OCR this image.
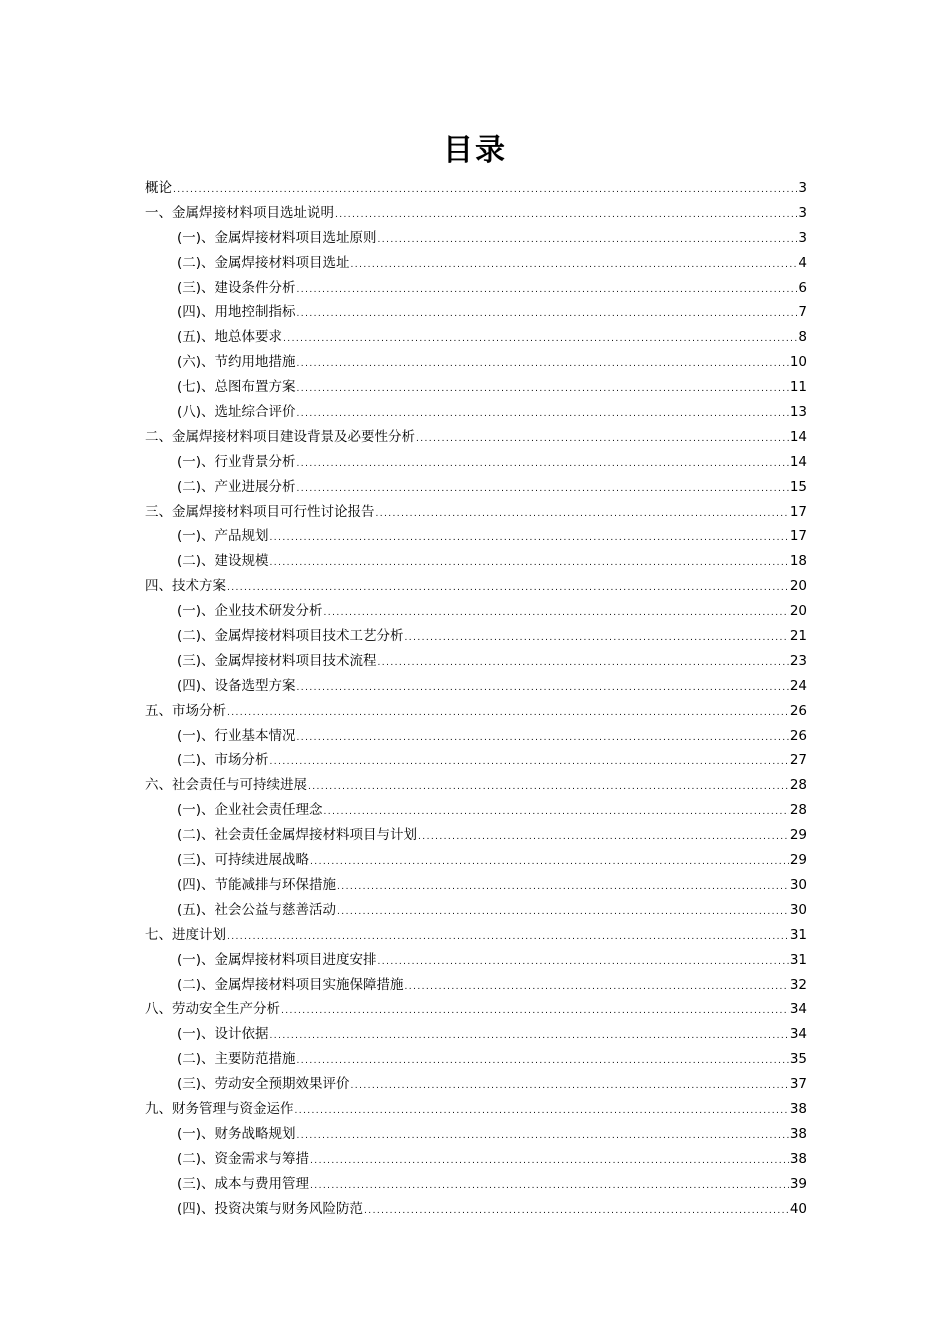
目录
概论 .....	3
一、金属焊接材料项目选址说明 .....	3
(一)、金属焊接材料项目选址原则 .....	3
(二)、金属焊接材料项目选址 .....	4
(三)、建设条件分析 .....	6
(四)、用地控制指标 .....	7
(五)、地总体要求 .....	8
(六)、节约用地措施 .....	10
(七)、总图布置方案 .....	11
(八)、选址综合评价 .....	13
二、金属焊接材料项目建设背景及必要性分析 .....	14
(一)、行业背景分析 .....	14
(二)、产业进展分析 .....	15
三、金属焊接材料项目可行性讨论报告 .....	17
(一)、产品规划 .....	17
(二)、建设规模 .....	18
四、技术方案 .....	20
(一)、企业技术研发分析 .....	20
(二)、金属焊接材料项目技术工艺分析 .....	21
(三)、金属焊接材料项目技术流程 .....	23
(四)、设备选型方案 .....	24
五、市场分析 .....	26
(一)、行业基本情况 .....	26
(二)、市场分析 .....	27
六、社会责任与可持续进展 .....	28
(一)、企业社会责任理念 .....	28
(二)、社会责任金属焊接材料项目与计划 .....	29
(三)、可持续进展战略 .....	29
(四)、节能减排与环保措施 .....	30
(五)、社会公益与慈善活动 .....	30
七、进度计划 .....	31
(一)、金属焊接材料项目进度安排 .....	31
(二)、金属焊接材料项目实施保障措施 .....	32
八、劳动安全生产分析 .....	34
(一)、设计依据 .....	34
(二)、主要防范措施 .....	35
(三)、劳动安全预期效果评价 .....	37
九、财务管理与资金运作 .....	38
(一)、财务战略规划 .....	38
(二)、资金需求与筹措 .....	38
(三)、成本与费用管理 .....	39
(四)、投资决策与财务风险防范 .....	40
